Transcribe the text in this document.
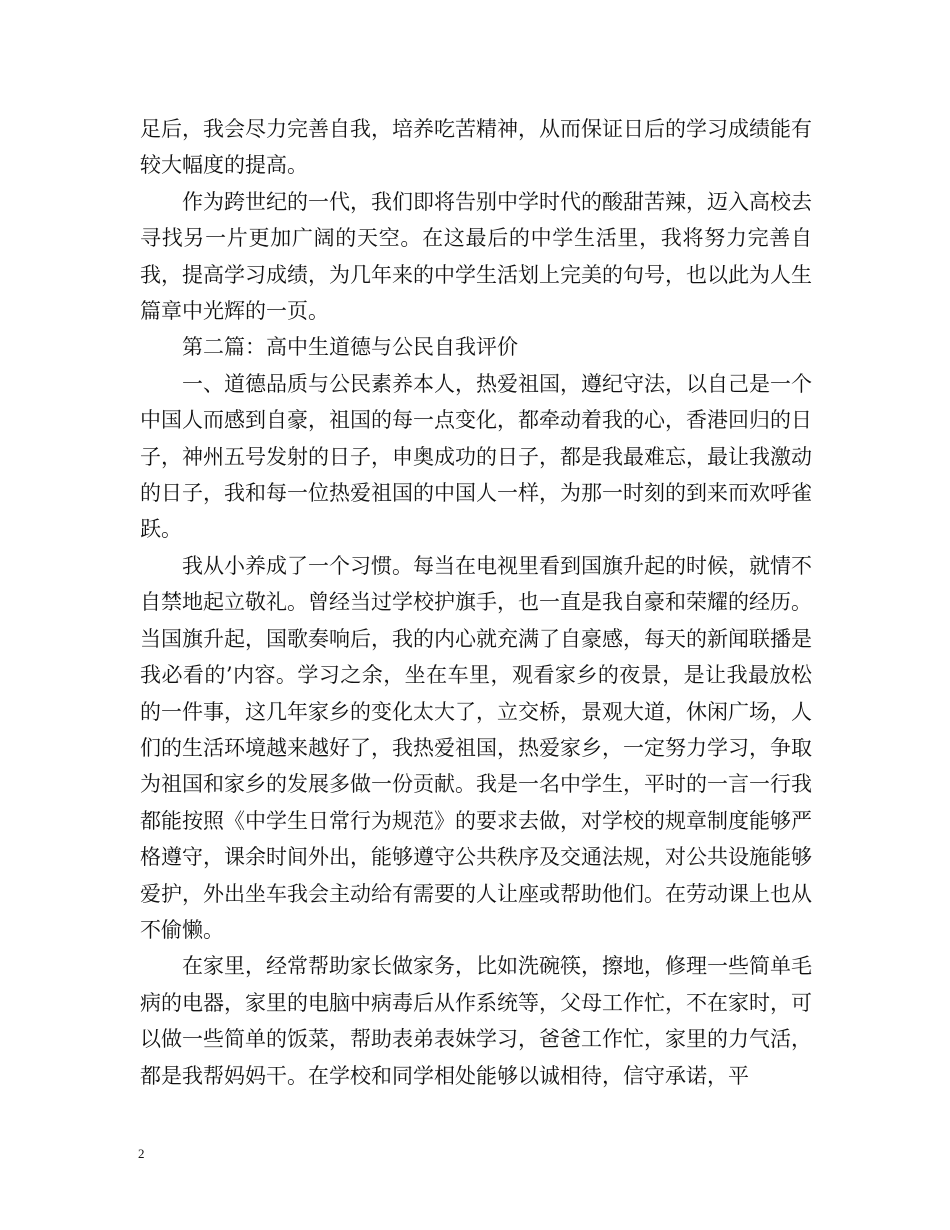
足后，我会尽力完善自我，培养吃苦精神，从而保证日后的学习成绩能有较大幅度的提高。

作为跨世纪的一代，我们即将告别中学时代的酸甜苦辣，迈入高校去寻找另一片更加广阔的天空。在这最后的中学生活里，我将努力完善自我，提高学习成绩，为几年来的中学生活划上完美的句号，也以此为人生篇章中光辉的一页。

第二篇：高中生道德与公民自我评价

一、道德品质与公民素养本人，热爱祖国，遵纪守法，以自己是一个中国人而感到自豪，祖国的每一点变化，都牵动着我的心，香港回归的日子，神州五号发射的日子，申奥成功的日子，都是我最难忘，最让我激动的日子，我和每一位热爱祖国的中国人一样，为那一时刻的到来而欢呼雀跃。

我从小养成了一个习惯。每当在电视里看到国旗升起的时候，就情不自禁地起立敬礼。曾经当过学校护旗手，也一直是我自豪和荣耀的经历。当国旗升起，国歌奏响后，我的内心就充满了自豪感，每天的新闻联播是我必看的’内容。学习之余，坐在车里，观看家乡的夜景，是让我最放松的一件事，这几年家乡的变化太大了，立交桥，景观大道，休闲广场，人们的生活环境越来越好了，我热爱祖国，热爱家乡，一定努力学习，争取为祖国和家乡的发展多做一份贡献。我是一名中学生，平时的一言一行我都能按照《中学生日常行为规范》的要求去做，对学校的规章制度能够严格遵守，课余时间外出，能够遵守公共秩序及交通法规，对公共设施能够爱护，外出坐车我会主动给有需要的人让座或帮助他们。在劳动课上也从不偷懒。

在家里，经常帮助家长做家务，比如洗碗筷，擦地，修理一些简单毛病的电器，家里的电脑中病毒后从作系统等，父母工作忙，不在家时，可以做一些简单的饭菜，帮助表弟表妹学习，爸爸工作忙，家里的力气活，都是我帮妈妈干。在学校和同学相处能够以诚相待，信守承诺，平

2
